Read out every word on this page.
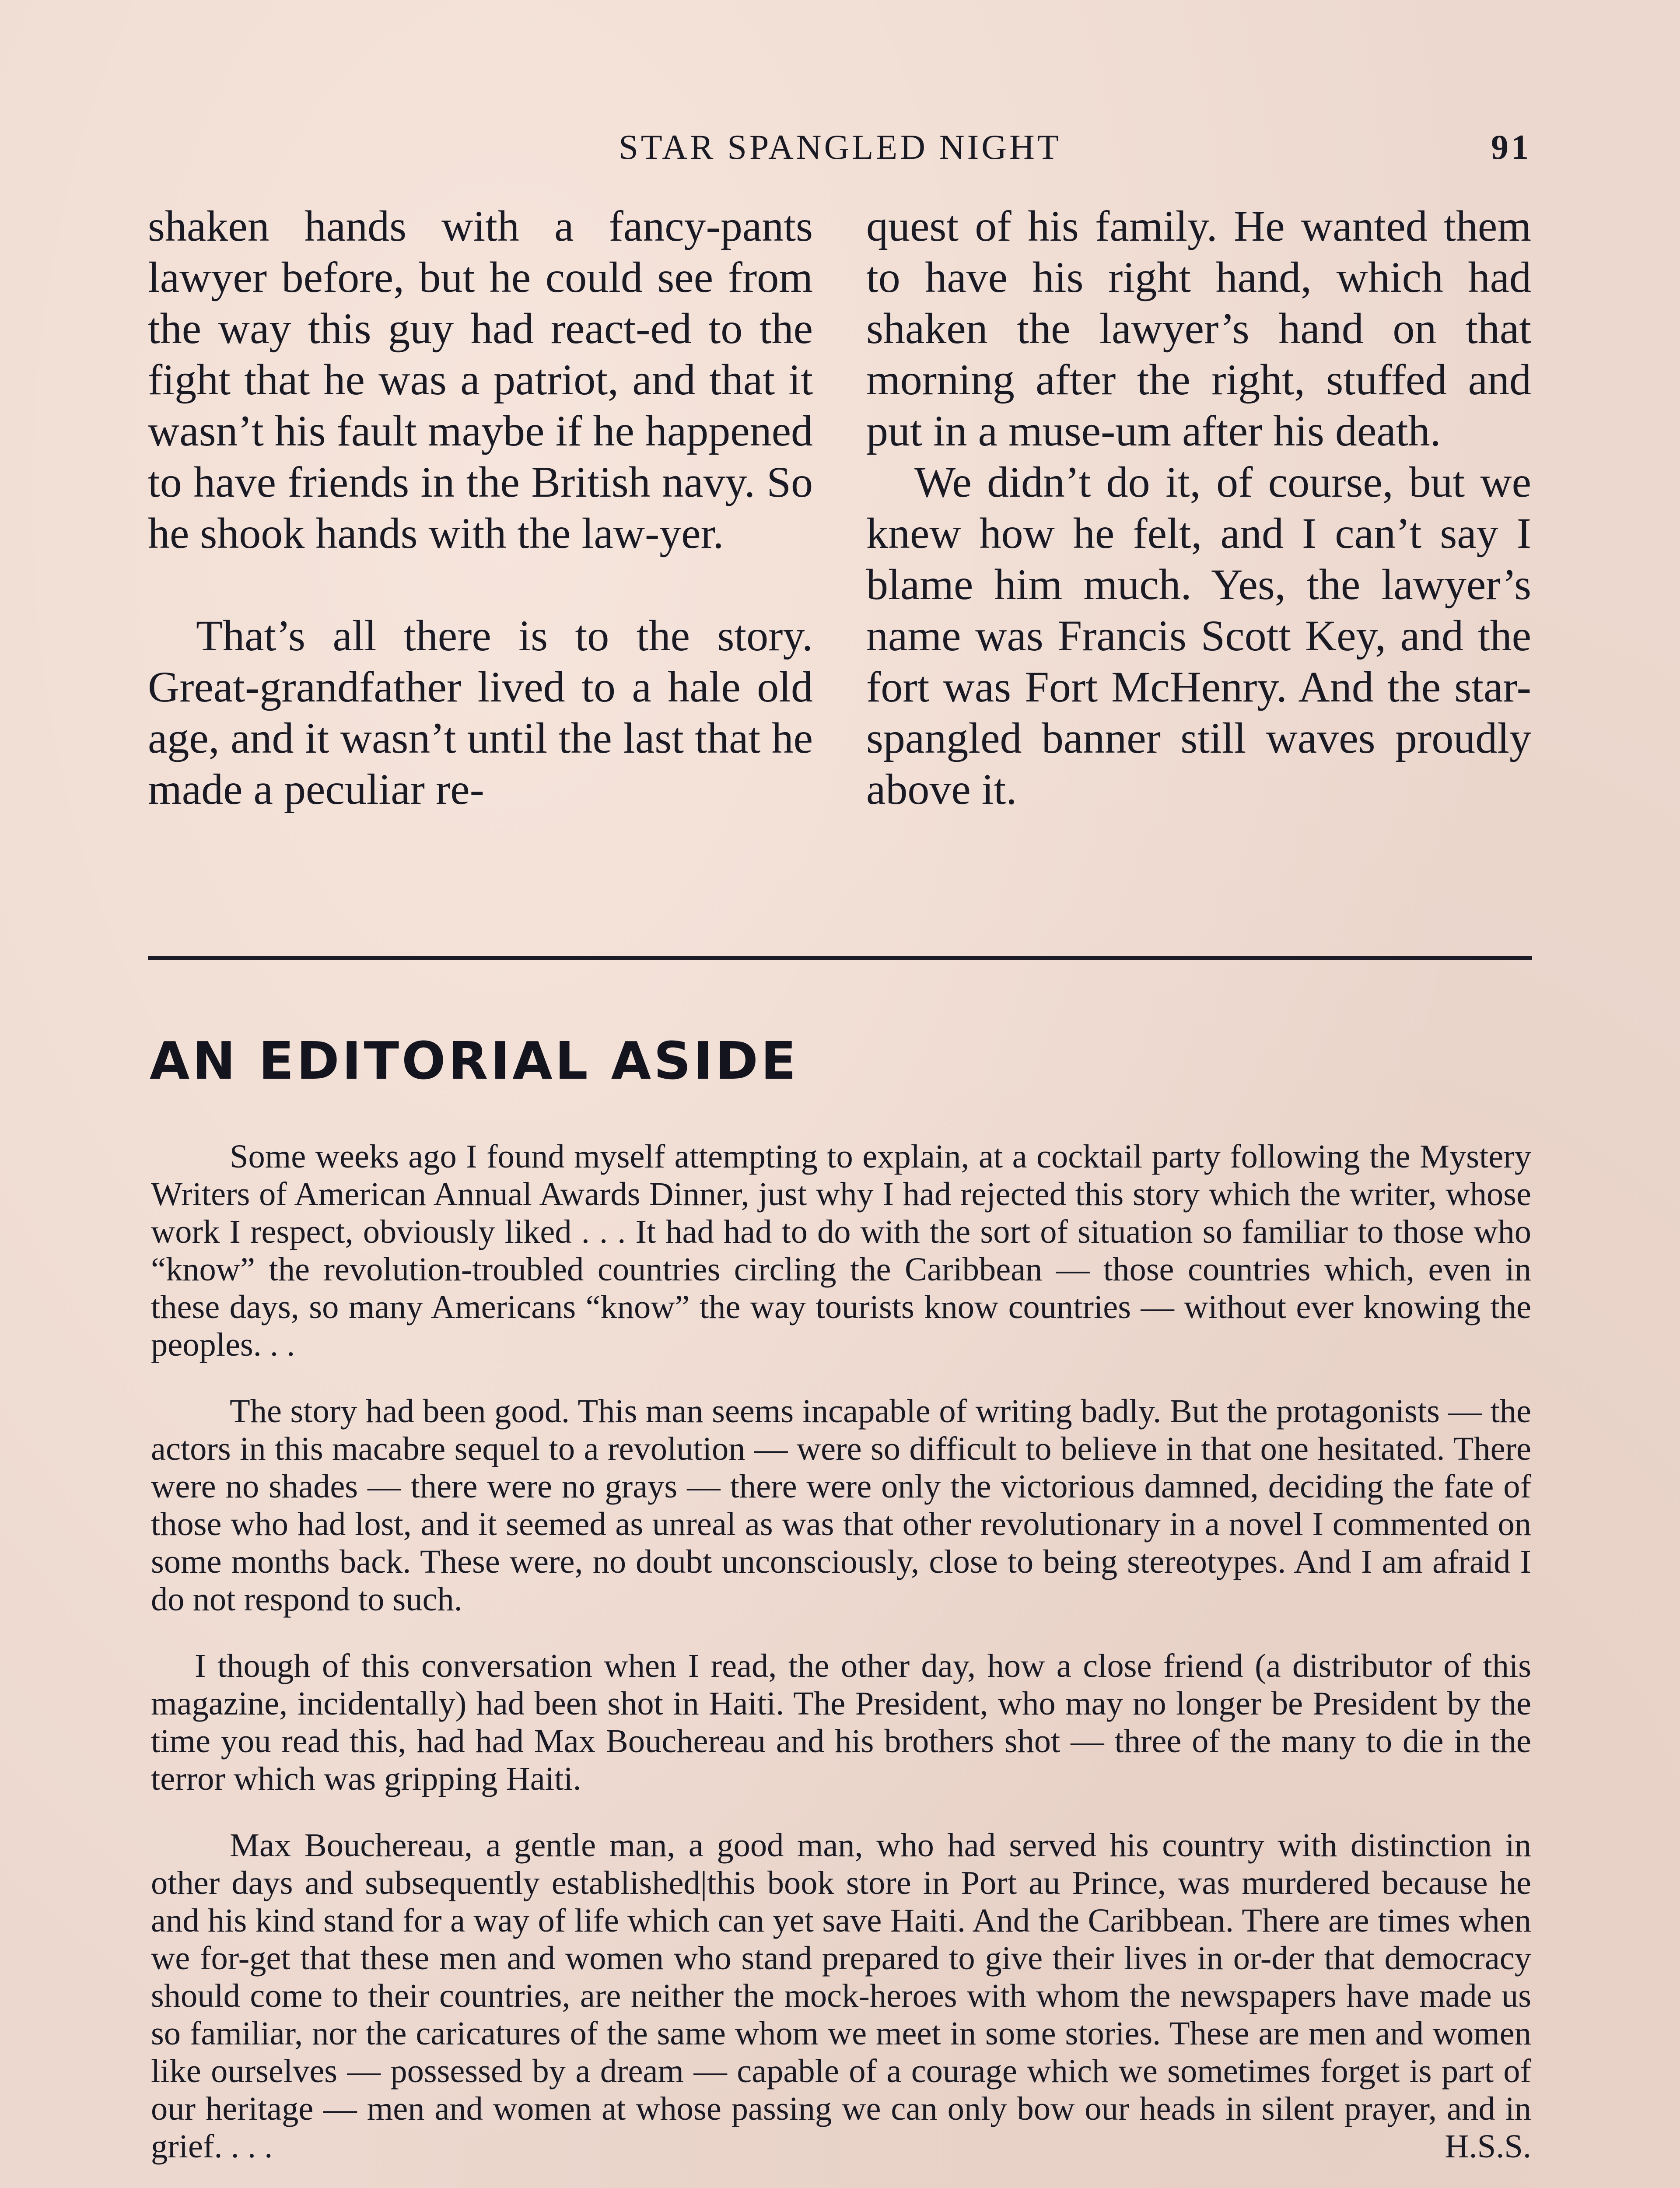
STAR SPANGLED NIGHT	91

shaken hands with a fancy-pants lawyer before, but he could see from the way this guy had react-ed to the fight that he was a patriot, and that it wasn’t his fault maybe if he happened to have friends in the British navy. So he shook hands with the law-yer.

That’s all there is to the story. Great-grandfather lived to a hale old age, and it wasn’t until the last that he made a peculiar re-

quest of his family. He wanted them to have his right hand, which had shaken the lawyer’s hand on that morning after the right, stuffed and put in a muse-um after his death.

We didn’t do it, of course, but we knew how he felt, and I can’t say I blame him much. Yes, the lawyer’s name was Francis Scott Key, and the fort was Fort McHenry. And the star-spangled banner still waves proudly above it.

AN EDITORIAL ASIDE

Some weeks ago I found myself attempting to explain, at a cocktail party following the Mystery Writers of American Annual Awards Dinner, just why I had rejected this story which the writer, whose work I respect, obviously liked . . . It had had to do with the sort of situation so familiar to those who “know” the revolution-troubled countries circling the Caribbean — those countries which, even in these days, so many Americans “know” the way tourists know countries — without ever knowing the peoples. . .

The story had been good. This man seems incapable of writing badly. But the protagonists — the actors in this macabre sequel to a revolution — were so difficult to believe in that one hesitated. There were no shades — there were no grays — there were only the victorious damned, deciding the fate of those who had lost, and it seemed as unreal as was that other revolutionary in a novel I commented on some months back. These were, no doubt unconsciously, close to being stereotypes. And I am afraid I do not respond to such.

I though of this conversation when I read, the other day, how a close friend (a distributor of this magazine, incidentally) had been shot in Haiti. The President, who may no longer be President by the time you read this, had had Max Bouchereau and his brothers shot — three of the many to die in the terror which was gripping Haiti.

Max Bouchereau, a gentle man, a good man, who had served his country with distinction in other days and subsequently established|this book store in Port au Prince, was murdered because he and his kind stand for a way of life which can yet save Haiti. And the Caribbean. There are times when we for-get that these men and women who stand prepared to give their lives in or-der that democracy should come to their countries, are neither the mock-heroes with whom the newspapers have made us so familiar, nor the caricatures of the same whom we meet in some stories. These are men and women like ourselves — possessed by a dream — capable of a courage which we sometimes forget is part of our heritage — men and women at whose passing we can only bow our heads in silent prayer, and in grief. . . .	H.S.S.
